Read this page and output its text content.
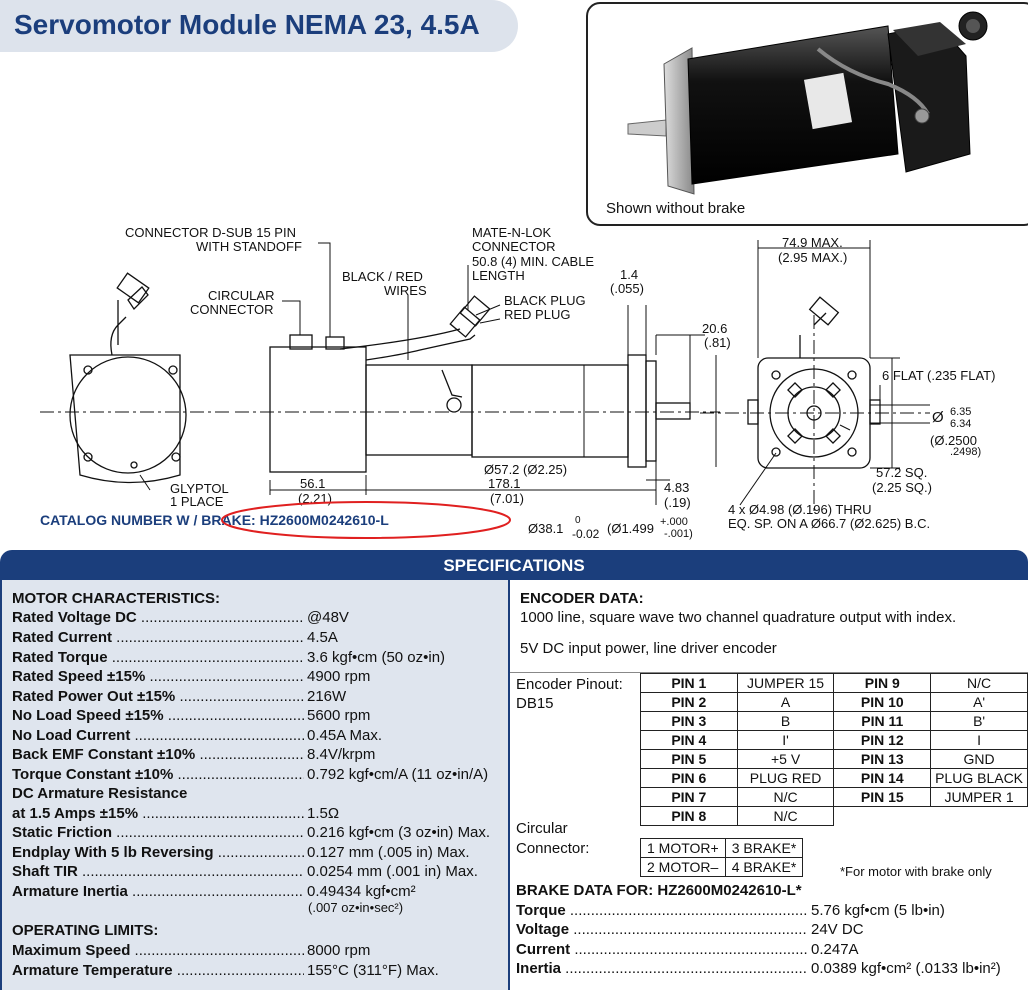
Servomotor Module NEMA 23, 4.5A
Shown without brake
CONNECTOR D-SUB 15 PIN
WITH STANDOFF
BLACK / RED
WIRES
CIRCULAR
CONNECTOR
MATE-N-LOK
CONNECTOR
50.8 (4) MIN. CABLE
LENGTH
BLACK PLUG
RED PLUG
1.4
(.055)
20.6
(.81)
74.9 MAX.
(2.95 MAX.)
6 FLAT (.235 FLAT)
Ø 6.35
6.34
(Ø.2500
.2498)
GLYPTOL
1 PLACE
56.1
(2.21)
178.1
(7.01)
Ø57.2 (Ø2.25)
4.83
(.19)
57.2 SQ.
(2.25 SQ.)
4 x Ø4.98 (Ø.196) THRU
EQ. SP. ON A Ø66.7 (Ø2.625) B.C.
Ø38.1
0
-0.02 (Ø1.499 +.000
-.001)
CATALOG NUMBER W / BRAKE: HZ2600M0242610-L
SPECIFICATIONS
MOTOR CHARACTERISTICS:
Rated Voltage DC .....	@48V
Rated Current .....	4.5A
Rated Torque .....	3.6 kgf•cm (50 oz•in)
Rated Speed ±15% .....	4900 rpm
Rated Power Out ±15% .....	216W
No Load Speed ±15% .....	5600 rpm
No Load Current .....	0.45A Max.
Back EMF Constant ±10% .....	8.4V/krpm
Torque Constant ±10% .....	0.792 kgf•cm/A (11 oz•in/A)
DC Armature Resistance
at 1.5 Amps ±15% .....	1.5Ω
Static Friction .....	0.216 kgf•cm (3 oz•in) Max.
Endplay With 5 lb Reversing .....	0.127 mm (.005 in) Max.
Shaft TIR .....	0.0254 mm (.001 in) Max.
Armature Inertia .....	0.49434 kgf•cm²
(.007 oz•in•sec²)
OPERATING LIMITS:
Maximum Speed .....	8000 rpm
Armature Temperature .....	155°C (311°F) Max.
ENCODER DATA:
1000 line, square wave two channel quadrature output with index.
5V DC input power, line driver encoder
Encoder Pinout:
DB15
PIN 1	JUMPER 15	PIN 9	N/C
PIN 2	A	PIN 10	A'
PIN 3	B	PIN 11	B'
PIN 4	I'	PIN 12	I
PIN 5	+5 V	PIN 13	GND
PIN 6	PLUG RED	PIN 14	PLUG BLACK
PIN 7	N/C	PIN 15	JUMPER 1
PIN 8	N/C		
Circular
Connector:	1 MOTOR+	3 BRAKE*
2 MOTOR–	4 BRAKE*	*For motor with brake only
BRAKE DATA FOR: HZ2600M0242610-L*
Torque .....	5.76 kgf•cm (5 lb•in)
Voltage .....	24V DC
Current .....	0.247A
Inertia .....	0.0389 kgf•cm² (.0133 lb•in²)
